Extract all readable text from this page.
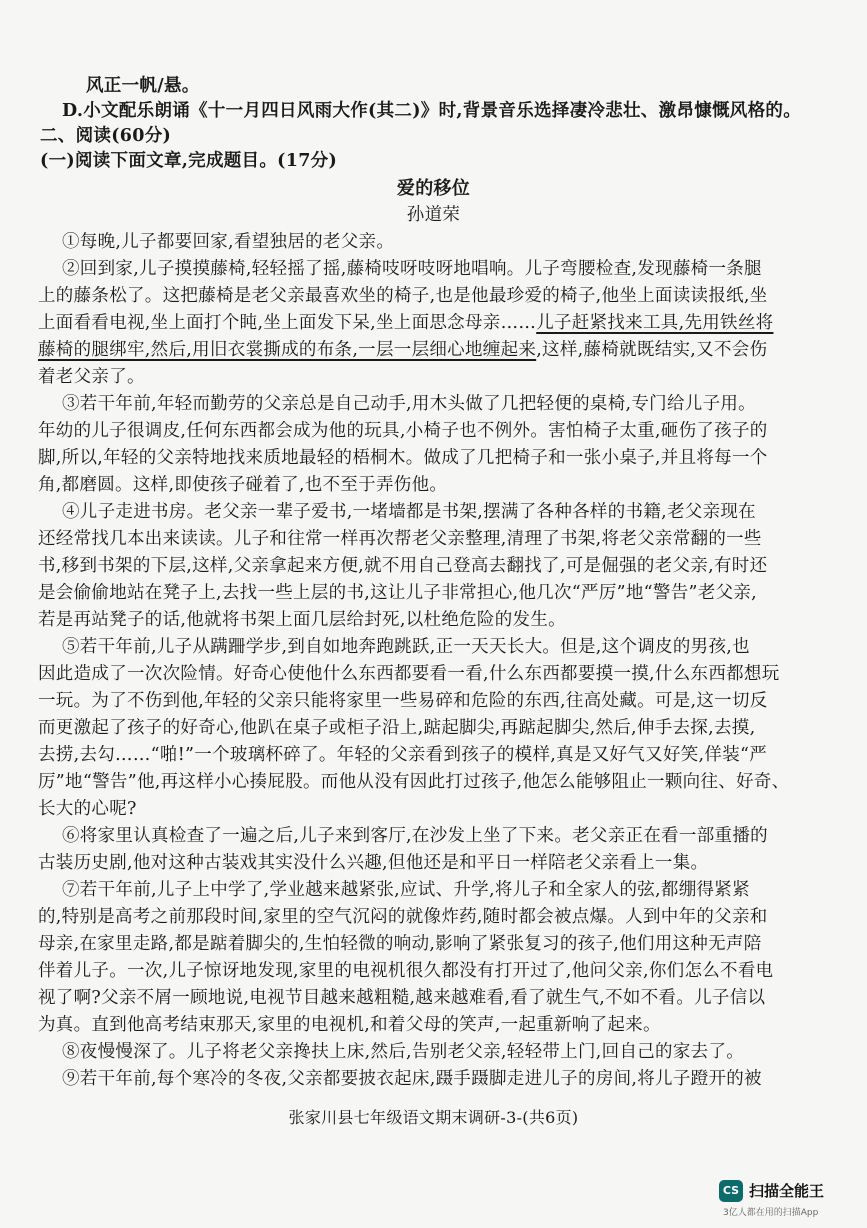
风正一帆/悬。
D.小文配乐朗诵《十一月四日风雨大作(其二)》时,背景音乐选择凄冷悲壮、激昂慷慨风格的。
二、阅读(60分)
(一)阅读下面文章,完成题目。(17分)
爱的移位
孙道荣
①每晚,儿子都要回家,看望独居的老父亲。
②回到家,儿子摸摸藤椅,轻轻摇了摇,藤椅吱呀吱呀地唱响。儿子弯腰检查,发现藤椅一条腿
上的藤条松了。这把藤椅是老父亲最喜欢坐的椅子,也是他最珍爱的椅子,他坐上面读读报纸,坐
上面看看电视,坐上面打个盹,坐上面发下呆,坐上面思念母亲……儿子赶紧找来工具,先用铁丝将
藤椅的腿绑牢,然后,用旧衣裳撕成的布条,一层一层细心地缠起来,这样,藤椅就既结实,又不会伤
着老父亲了。
③若干年前,年轻而勤劳的父亲总是自己动手,用木头做了几把轻便的桌椅,专门给儿子用。
年幼的儿子很调皮,任何东西都会成为他的玩具,小椅子也不例外。害怕椅子太重,砸伤了孩子的
脚,所以,年轻的父亲特地找来质地最轻的梧桐木。做成了几把椅子和一张小桌子,并且将每一个
角,都磨圆。这样,即使孩子碰着了,也不至于弄伤他。
④儿子走进书房。老父亲一辈子爱书,一堵墙都是书架,摆满了各种各样的书籍,老父亲现在
还经常找几本出来读读。儿子和往常一样再次帮老父亲整理,清理了书架,将老父亲常翻的一些
书,移到书架的下层,这样,父亲拿起来方便,就不用自己登高去翻找了,可是倔强的老父亲,有时还
是会偷偷地站在凳子上,去找一些上层的书,这让儿子非常担心,他几次“严厉”地“警告”老父亲,
若是再站凳子的话,他就将书架上面几层给封死,以杜绝危险的发生。
⑤若干年前,儿子从蹒跚学步,到自如地奔跑跳跃,正一天天长大。但是,这个调皮的男孩,也
因此造成了一次次险情。好奇心使他什么东西都要看一看,什么东西都要摸一摸,什么东西都想玩
一玩。为了不伤到他,年轻的父亲只能将家里一些易碎和危险的东西,往高处藏。可是,这一切反
而更激起了孩子的好奇心,他趴在桌子或柜子沿上,踮起脚尖,再踮起脚尖,然后,伸手去探,去摸,
去捞,去勾……“啪!”一个玻璃杯碎了。年轻的父亲看到孩子的模样,真是又好气又好笑,佯装“严
厉”地“警告”他,再这样小心揍屁股。而他从没有因此打过孩子,他怎么能够阻止一颗向往、好奇、
长大的心呢?
⑥将家里认真检查了一遍之后,儿子来到客厅,在沙发上坐了下来。老父亲正在看一部重播的
古装历史剧,他对这种古装戏其实没什么兴趣,但他还是和平日一样陪老父亲看上一集。
⑦若干年前,儿子上中学了,学业越来越紧张,应试、升学,将儿子和全家人的弦,都绷得紧紧
的,特别是高考之前那段时间,家里的空气沉闷的就像炸药,随时都会被点爆。人到中年的父亲和
母亲,在家里走路,都是踮着脚尖的,生怕轻微的响动,影响了紧张复习的孩子,他们用这种无声陪
伴着儿子。一次,儿子惊讶地发现,家里的电视机很久都没有打开过了,他问父亲,你们怎么不看电
视了啊?父亲不屑一顾地说,电视节目越来越粗糙,越来越难看,看了就生气,不如不看。儿子信以
为真。直到他高考结束那天,家里的电视机,和着父母的笑声,一起重新响了起来。
⑧夜慢慢深了。儿子将老父亲搀扶上床,然后,告别老父亲,轻轻带上门,回自己的家去了。
⑨若干年前,每个寒冷的冬夜,父亲都要披衣起床,蹑手蹑脚走进儿子的房间,将儿子蹬开的被
张家川县七年级语文期末调研-3-(共6页)
CS 扫描全能王
3亿人都在用的扫描App
